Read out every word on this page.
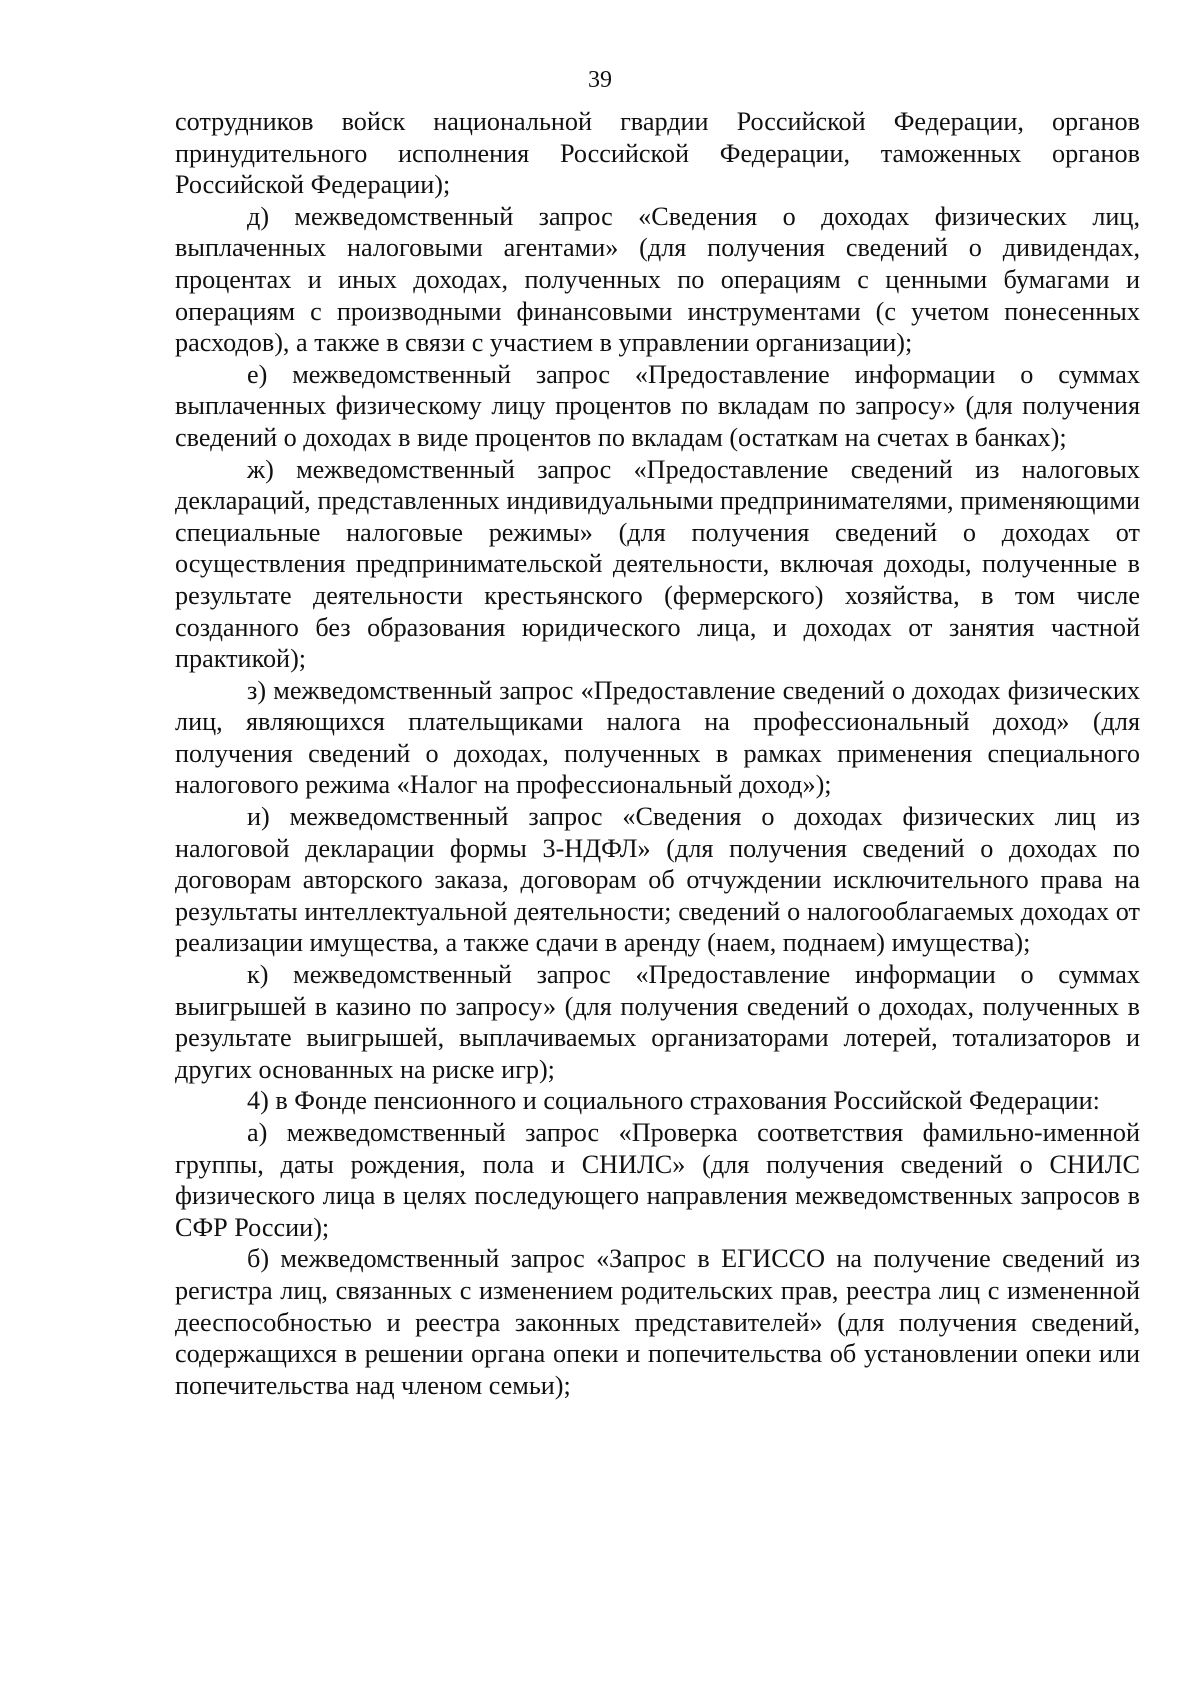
39

сотрудников войск национальной гвардии Российской Федерации, органов принудительного исполнения Российской Федерации, таможенных органов Российской Федерации);

д) межведомственный запрос «Сведения о доходах физических лиц, выплаченных налоговыми агентами» (для получения сведений о дивидендах, процентах и иных доходах, полученных по операциям с ценными бумагами и операциям с производными финансовыми инструментами (с учетом понесенных расходов), а также в связи с участием в управлении организации);

е) межведомственный запрос «Предоставление информации о суммах выплаченных физическому лицу процентов по вкладам по запросу» (для получения сведений о доходах в виде процентов по вкладам (остаткам на счетах в банках);

ж) межведомственный запрос «Предоставление сведений из налоговых деклараций, представленных индивидуальными предпринимателями, применяющими специальные налоговые режимы» (для получения сведений о доходах от осуществления предпринимательской деятельности, включая доходы, полученные в результате деятельности крестьянского (фермерского) хозяйства, в том числе созданного без образования юридического лица, и доходах от занятия частной практикой);

з) межведомственный запрос «Предоставление сведений о доходах физических лиц, являющихся плательщиками налога на профессиональный доход» (для получения сведений о доходах, полученных в рамках применения специального налогового режима «Налог на профессиональный доход»);

и) межведомственный запрос «Сведения о доходах физических лиц из налоговой декларации формы 3-НДФЛ» (для получения сведений о доходах по договорам авторского заказа, договорам об отчуждении исключительного права на результаты интеллектуальной деятельности; сведений о налогооблагаемых доходах от реализации имущества, а также сдачи в аренду (наем, поднаем) имущества);

к) межведомственный запрос «Предоставление информации о суммах выигрышей в казино по запросу» (для получения сведений о доходах, полученных в результате выигрышей, выплачиваемых организаторами лотерей, тотализаторов и других основанных на риске игр);

4) в Фонде пенсионного и социального страхования Российской Федерации:

а) межведомственный запрос «Проверка соответствия фамильно-именной группы, даты рождения, пола и СНИЛС» (для получения сведений о СНИЛС физического лица в целях последующего направления межведомственных запросов в СФР России);

б) межведомственный запрос «Запрос в ЕГИССО на получение сведений из регистра лиц, связанных с изменением родительских прав, реестра лиц с измененной дееспособностью и реестра законных представителей» (для получения сведений, содержащихся в решении органа опеки и попечительства об установлении опеки или попечительства над членом семьи);
